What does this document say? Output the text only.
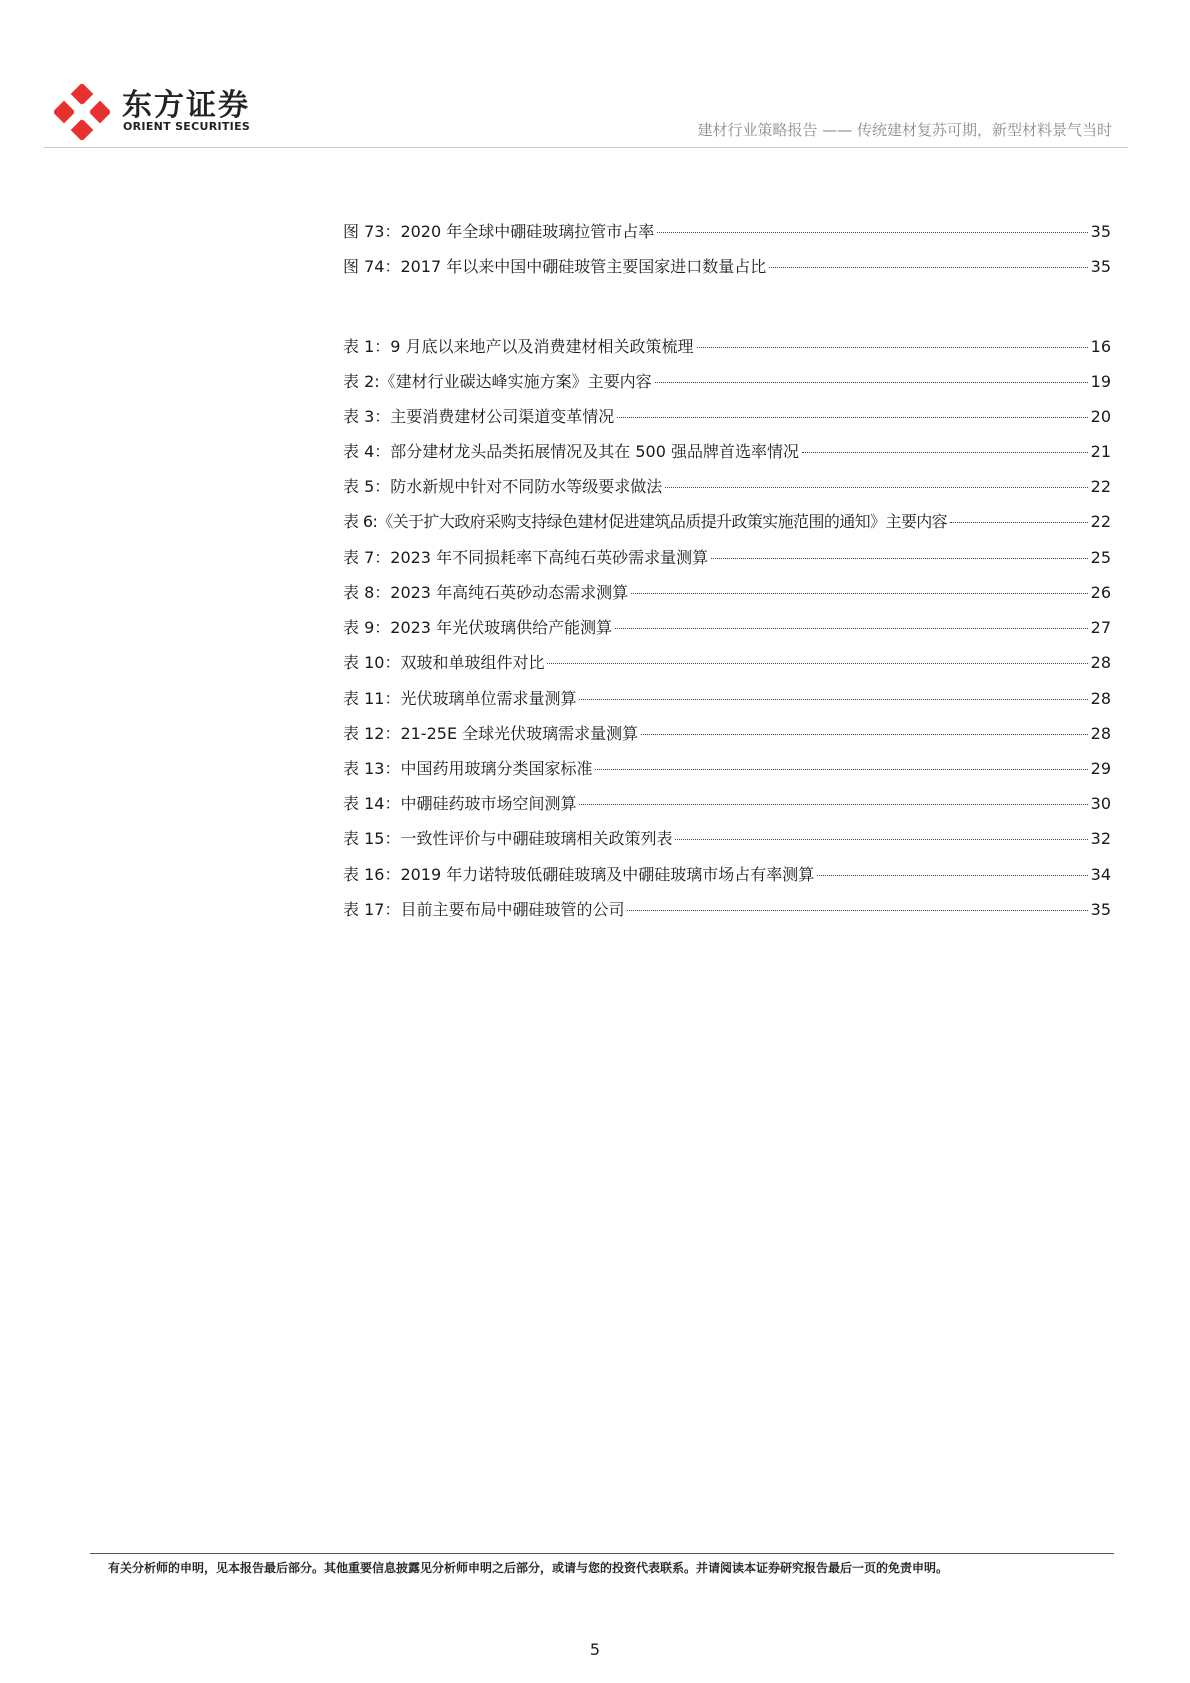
东方证券
ORIENT SECURITIES	建材行业策略报告 —— 传统建材复苏可期，新型材料景气当时
图 73：2020 年全球中硼硅玻璃拉管市占率	35
图 74：2017 年以来中国中硼硅玻管主要国家进口数量占比	35
表 1：9 月底以来地产以及消费建材相关政策梳理	16
表 2:《建材行业碳达峰实施方案》主要内容	19
表 3：主要消费建材公司渠道变革情况	20
表 4：部分建材龙头品类拓展情况及其在 500 强品牌首选率情况	21
表 5：防水新规中针对不同防水等级要求做法	22
表 6:《关于扩大政府采购支持绿色建材促进建筑品质提升政策实施范围的通知》主要内容	22
表 7：2023 年不同损耗率下高纯石英砂需求量测算	25
表 8：2023 年高纯石英砂动态需求测算	26
表 9：2023 年光伏玻璃供给产能测算	27
表 10：双玻和单玻组件对比	28
表 11：光伏玻璃单位需求量测算	28
表 12：21-25E 全球光伏玻璃需求量测算	28
表 13：中国药用玻璃分类国家标准	29
表 14：中硼硅药玻市场空间测算	30
表 15：一致性评价与中硼硅玻璃相关政策列表	32
表 16：2019 年力诺特玻低硼硅玻璃及中硼硅玻璃市场占有率测算	34
表 17：目前主要布局中硼硅玻管的公司	35
有关分析师的申明，见本报告最后部分。其他重要信息披露见分析师申明之后部分，或请与您的投资代表联系。并请阅读本证券研究报告最后一页的免责申明。
5
